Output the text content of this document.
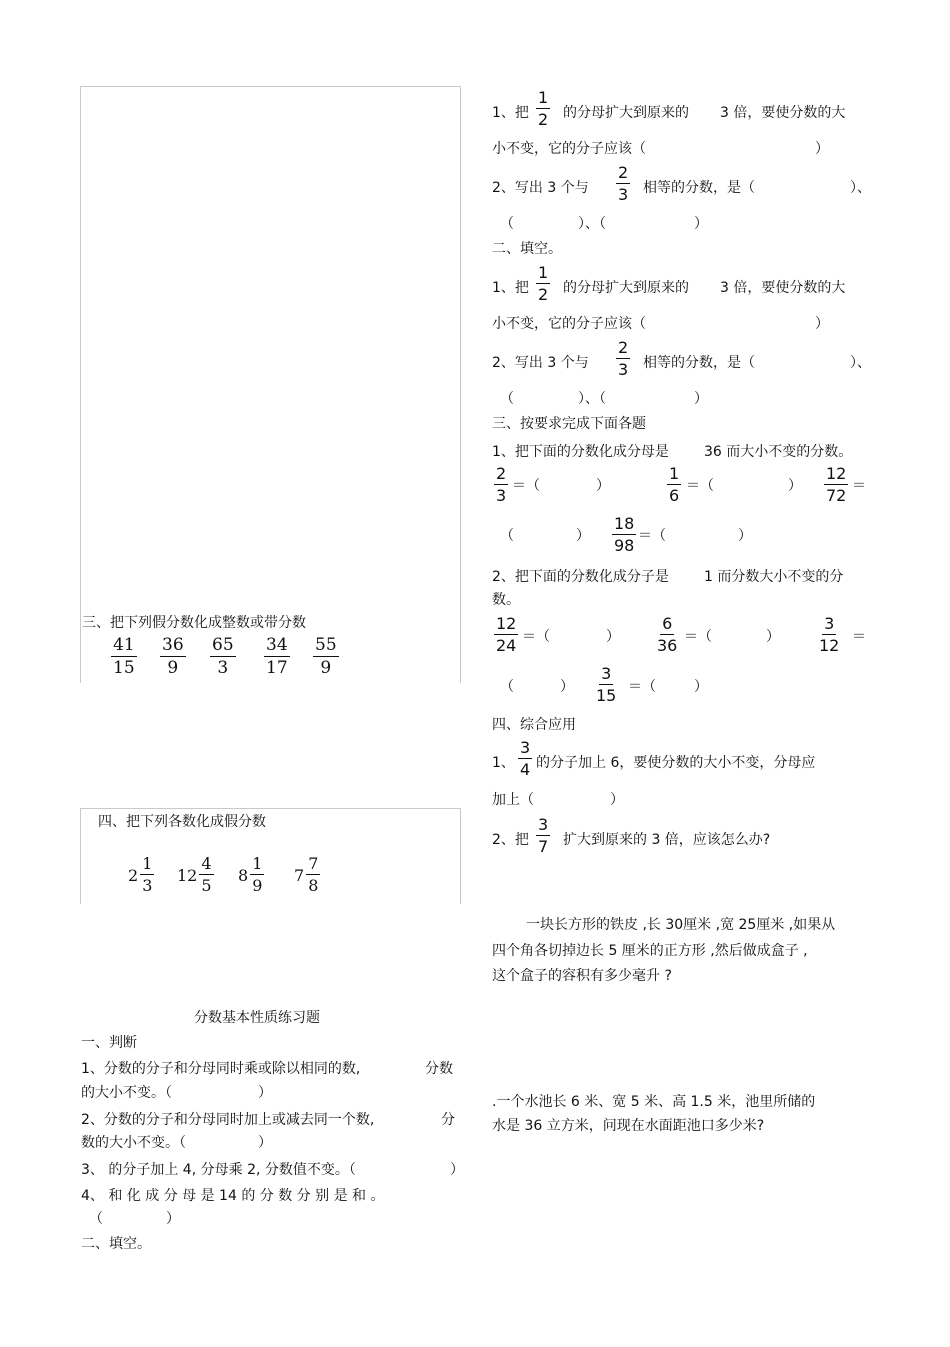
三、把下列假分数化成整数或带分数
$\frac{41}{15} \frac{36}{9} \frac{65}{3} \frac{34}{17} \frac{55}{9}$
四、把下列各数化成假分数
$2 \frac{1}{3} 12 \frac{4}{5} 8 \frac{1}{9} 7 \frac{7}{8}$
分数基本性质练习题
一、判断
1、分数的分子和分母同时乘或除以相同的数,	分数
的大小不变。（	）
2、分数的分子和分母同时加上或减去同一个数,	分
数的大小不变。（	）
3、 的分子加上 4, 分母乘 2, 分数值不变。（	）
4、 和 化 成 分 母 是 14 的 分 数 分 别 是 和 。
（	）
二、填空。
1、把 $\frac{1}{2}$ 的分母扩大到原来的 3 倍，要使分数的大
小不变，它的分子应该（	）
2、写出 3 个与 $\frac{2}{3}$ 相等的分数，是（	）、
（	）、（	）
二、填空。
1、把 $\frac{1}{2}$ 的分母扩大到原来的 3 倍，要使分数的大
小不变，它的分子应该（	）
2、写出 3 个与 $\frac{2}{3}$ 相等的分数，是（	）、
（	）、（	）
三、按要求完成下面各题
1、把下面的分数化成分母是	36 而大小不变的分数。
$\frac{2}{3}$ ＝（	）	$\frac{1}{6}$ ＝（	） $\frac{12}{72}$ ＝
（	） $\frac{18}{98}$ ＝（	）
2、把下面的分数化成分子是	1 而分数大小不变的分
数。
$\frac{12}{24}$ ＝（	） $\frac{6}{36}$ ＝（	） $\frac{3}{12}$ ＝
（	） $\frac{3}{15}$ ＝（	）
四、综合应用
1、 $\frac{3}{4}$ 的分子加上 6，要使分数的大小不变，分母应
加上（	）
2、把 $\frac{3}{7}$ 扩大到原来的 3 倍，应该怎么办?
一块长方形的铁皮 ,长 30厘米 ,宽 25厘米 ,如果从
四个角各切掉边长 5 厘米的正方形 ,然后做成盒子 ,
这个盒子的容积有多少毫升 ?
.一个水池长 6 米、宽 5 米、高 1.5 米，池里所储的
水是 36 立方米，问现在水面距池口多少米?
